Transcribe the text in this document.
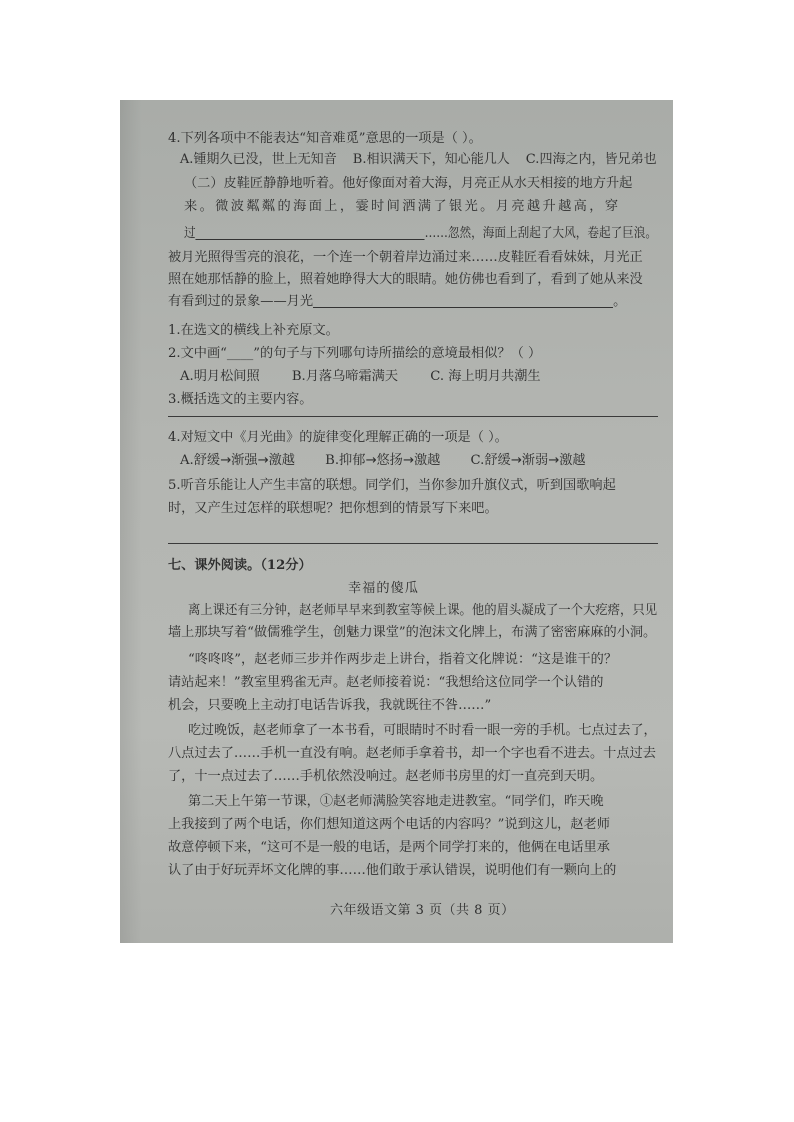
4.下列各项中不能表达“知音难觅”意思的一项是（ ）。
A.锺期久已没，世上无知音 B.相识满天下，知心能几人 C.四海之内，皆兄弟也
（二）皮鞋匠静静地听着。他好像面对着大海，月亮正从水天相接的地方升起
来。微波粼粼的海面上，霎时间洒满了银光。月亮越升越高，穿
过	……忽然，海面上刮起了大风，卷起了巨浪。
被月光照得雪亮的浪花，一个连一个朝着岸边涌过来……皮鞋匠看看妹妹，月光正
照在她那恬静的脸上，照着她睁得大大的眼睛。她仿佛也看到了，看到了她从来没
有看到过的景象——月光	。
1.在选文的横线上补充原文。
2.文中画“____”的句子与下列哪句诗所描绘的意境最相似？（ ）
A.明月松间照 B.月落乌啼霜满天 C. 海上明月共潮生
3.概括选文的主要内容。
4.对短文中《月光曲》的旋律变化理解正确的一项是（ ）。
A.舒缓→渐强→激越 B.抑郁→悠扬→激越 C.舒缓→渐弱→激越
5.听音乐能让人产生丰富的联想。同学们，当你参加升旗仪式，听到国歌响起
时，又产生过怎样的联想呢？把你想到的情景写下来吧。
七、课外阅读。（12分）
幸福的傻瓜
离上课还有三分钟，赵老师早早来到教室等候上课。他的眉头凝成了一个大疙瘩，只见
墙上那块写着“做儒雅学生，创魅力课堂”的泡沫文化牌上，布满了密密麻麻的小洞。
“咚咚咚”，赵老师三步并作两步走上讲台，指着文化牌说：“这是谁干的？
请站起来！”教室里鸦雀无声。赵老师接着说：“我想给这位同学一个认错的
机会，只要晚上主动打电话告诉我，我就既往不咎……”
吃过晚饭，赵老师拿了一本书看，可眼睛时不时看一眼一旁的手机。七点过去了，
八点过去了……手机一直没有响。赵老师手拿着书，却一个字也看不进去。十点过去
了，十一点过去了……手机依然没响过。赵老师书房里的灯一直亮到天明。
第二天上午第一节课，①赵老师满脸笑容地走进教室。“同学们，昨天晚
上我接到了两个电话，你们想知道这两个电话的内容吗？”说到这儿，赵老师
故意停顿下来，“这可不是一般的电话，是两个同学打来的，他俩在电话里承
认了由于好玩弄坏文化牌的事……他们敢于承认错误，说明他们有一颗向上的
六年级语文第 3 页（共 8 页）
